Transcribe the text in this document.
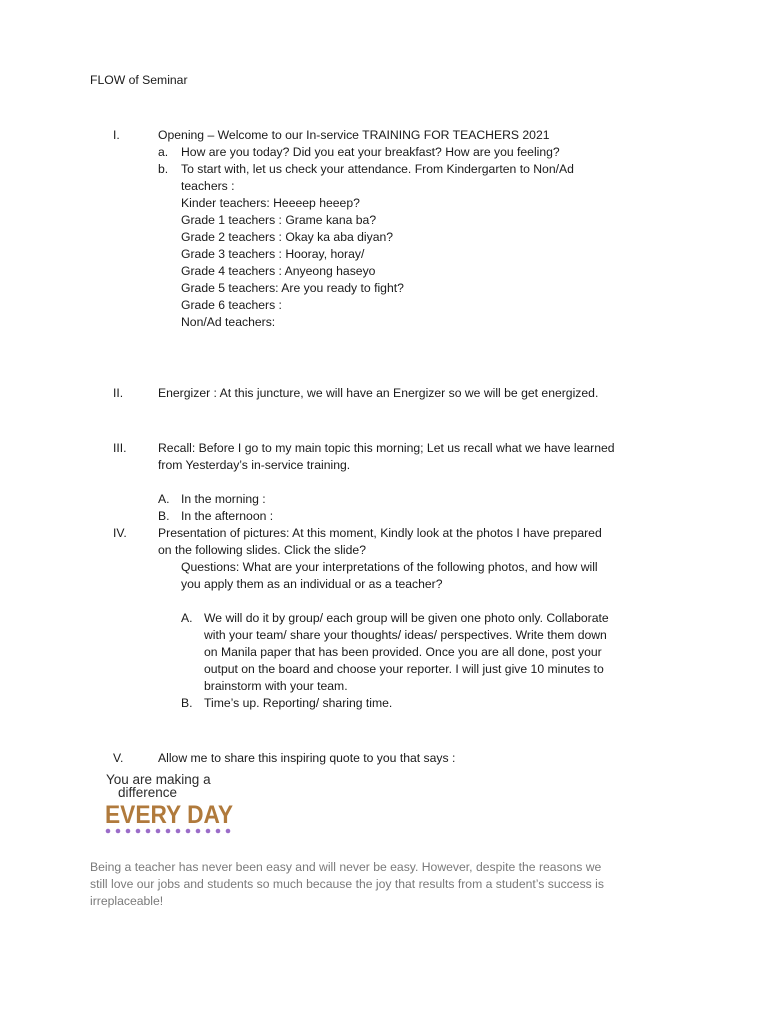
FLOW of Seminar
I.	Opening – Welcome to our In-service TRAINING FOR TEACHERS 2021
a. How are you today? Did you eat your breakfast? How are you feeling?
b. To start with, let us check your attendance. From Kindergarten to Non/Ad
teachers :
Kinder teachers: Heeeep heeep?
Grade 1 teachers : Grame kana ba?
Grade 2 teachers : Okay ka aba diyan?
Grade 3 teachers : Hooray, horay/
Grade 4 teachers : Anyeong haseyo
Grade 5 teachers: Are you ready to fight?
Grade 6 teachers :
Non/Ad teachers:
II.	Energizer : At this juncture, we will have an Energizer so we will be get energized.
III.	Recall: Before I go to my main topic this morning; Let us recall what we have learned
from Yesterday’s in-service training.
A. In the morning :
B. In the afternoon :
IV.	Presentation of pictures: At this moment, Kindly look at the photos I have prepared
on the following slides. Click the slide?
Questions: What are your interpretations of the following photos, and how will
you apply them as an individual or as a teacher?
A. We will do it by group/ each group will be given one photo only. Collaborate
with your team/ share your thoughts/ ideas/ perspectives. Write them down
on Manila paper that has been provided. Once you are all done, post your
output on the board and choose your reporter. I will just give 10 minutes to
brainstorm with your team.
B. Time’s up. Reporting/ sharing time.
V.	Allow me to share this inspiring quote to you that says :
You are making a
difference
EVERY DAY
Being a teacher has never been easy and will never be easy. However, despite the reasons we
still love our jobs and students so much because the joy that results from a student’s success is
irreplaceable!
